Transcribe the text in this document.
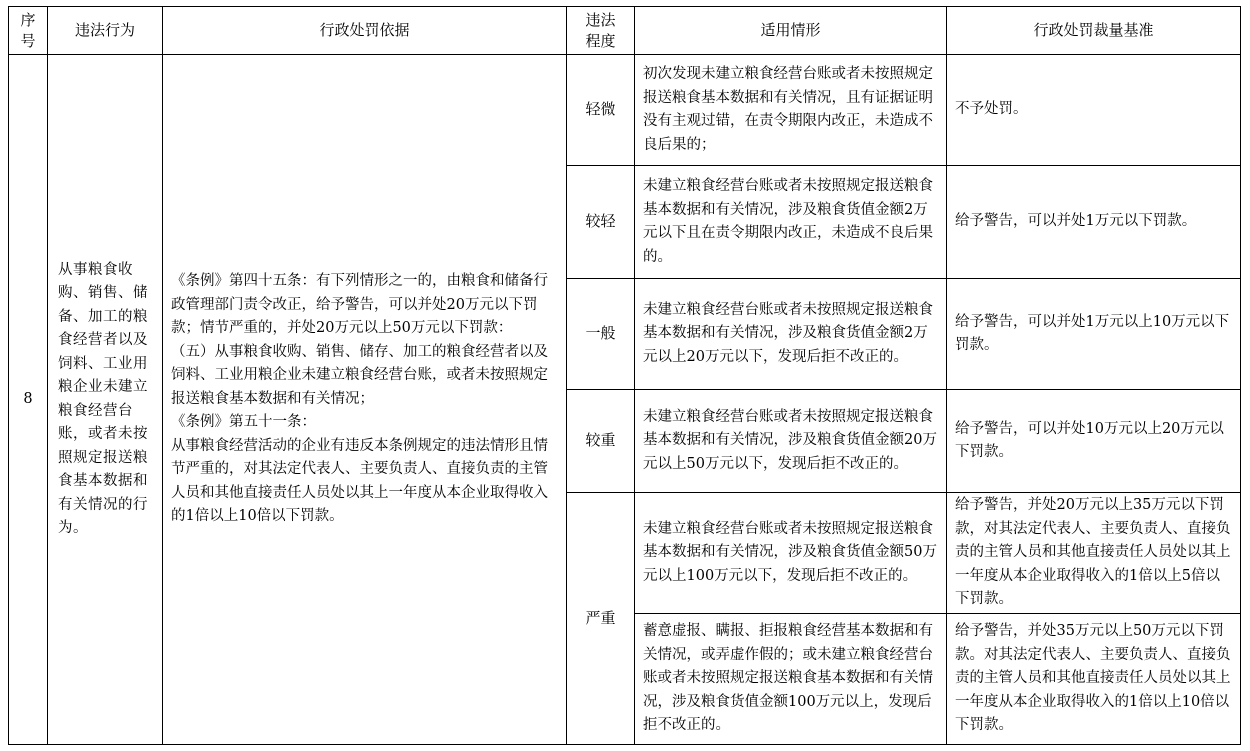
序号	违法行为	行政处罚依据	违法程度	适用情形	行政处罚裁量基准
8	从事粮食收购、销售、储备、加工的粮食经营者以及饲料、工业用粮企业未建立粮食经营台账，或者未按照规定报送粮食基本数据和有关情况的行为。	《条例》第四十五条：有下列情形之一的，由粮食和储备行政管理部门责令改正，给予警告，可以并处20万元以下罚款；情节严重的，并处20万元以上50万元以下罚款：
（五）从事粮食收购、销售、储存、加工的粮食经营者以及饲料、工业用粮企业未建立粮食经营台账，或者未按照规定报送粮食基本数据和有关情况；
《条例》第五十一条：
从事粮食经营活动的企业有违反本条例规定的违法情形且情节严重的，对其法定代表人、主要负责人、直接负责的主管人员和其他直接责任人员处以其上一年度从本企业取得收入的1倍以上10倍以下罚款。	轻微	初次发现未建立粮食经营台账或者未按照规定报送粮食基本数据和有关情况，且有证据证明没有主观过错，在责令期限内改正，未造成不良后果的；	不予处罚。
			较轻	未建立粮食经营台账或者未按照规定报送粮食基本数据和有关情况，涉及粮食货值金额2万元以下且在责令期限内改正，未造成不良后果的。	给予警告，可以并处1万元以下罚款。
			一般	未建立粮食经营台账或者未按照规定报送粮食基本数据和有关情况，涉及粮食货值金额2万元以上20万元以下，发现后拒不改正的。	给予警告，可以并处1万元以上10万元以下罚款。
			较重	未建立粮食经营台账或者未按照规定报送粮食基本数据和有关情况，涉及粮食货值金额20万元以上50万元以下，发现后拒不改正的。	给予警告，可以并处10万元以上20万元以下罚款。
			严重	未建立粮食经营台账或者未按照规定报送粮食基本数据和有关情况，涉及粮食货值金额50万元以上100万元以下，发现后拒不改正的。	给予警告，并处20万元以上35万元以下罚款，对其法定代表人、主要负责人、直接负责的主管人员和其他直接责任人员处以其上一年度从本企业取得收入的1倍以上5倍以下罚款。
				蓄意虚报、瞒报、拒报粮食经营基本数据和有关情况，或弄虚作假的；或未建立粮食经营台账或者未按照规定报送粮食基本数据和有关情况，涉及粮食货值金额100万元以上，发现后拒不改正的。	给予警告，并处35万元以上50万元以下罚款。对其法定代表人、主要负责人、直接负责的主管人员和其他直接责任人员处以其上一年度从本企业取得收入的1倍以上10倍以下罚款。
